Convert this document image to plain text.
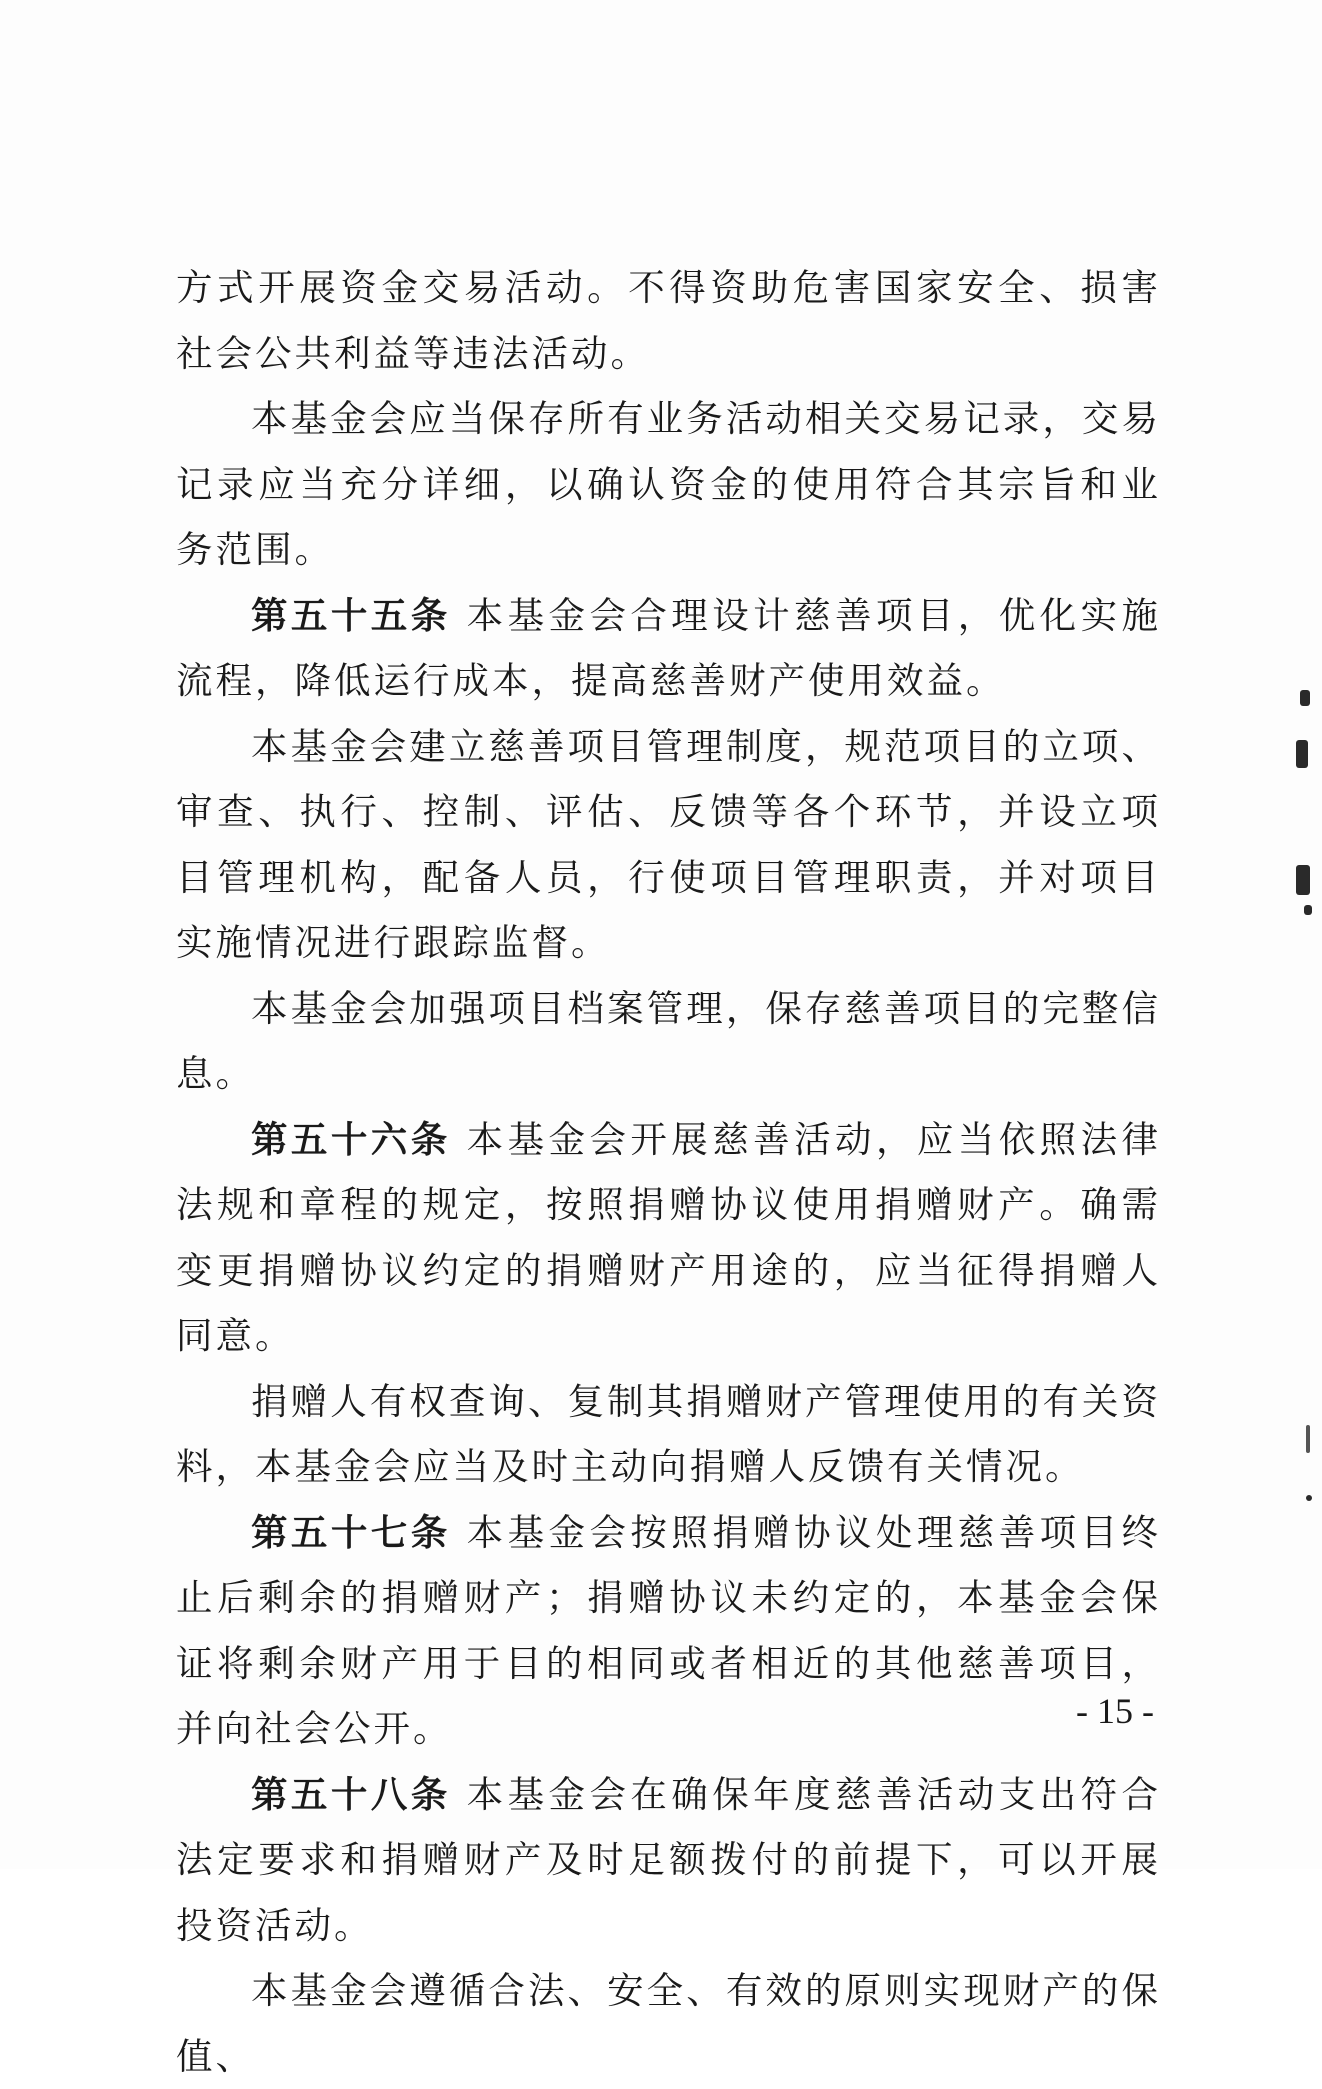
方式开展资金交易活动。不得资助危害国家安全、损害社会公共利益等违法活动。

本基金会应当保存所有业务活动相关交易记录，交易记录应当充分详细，以确认资金的使用符合其宗旨和业务范围。

第五十五条 本基金会合理设计慈善项目，优化实施流程，降低运行成本，提高慈善财产使用效益。

本基金会建立慈善项目管理制度，规范项目的立项、审查、执行、控制、评估、反馈等各个环节，并设立项目管理机构，配备人员，行使项目管理职责，并对项目实施情况进行跟踪监督。

本基金会加强项目档案管理，保存慈善项目的完整信息。

第五十六条 本基金会开展慈善活动，应当依照法律法规和章程的规定，按照捐赠协议使用捐赠财产。确需变更捐赠协议约定的捐赠财产用途的，应当征得捐赠人同意。

捐赠人有权查询、复制其捐赠财产管理使用的有关资料，本基金会应当及时主动向捐赠人反馈有关情况。

第五十七条 本基金会按照捐赠协议处理慈善项目终止后剩余的捐赠财产；捐赠协议未约定的，本基金会保证将剩余财产用于目的相同或者相近的其他慈善项目，并向社会公开。

第五十八条 本基金会在确保年度慈善活动支出符合法定要求和捐赠财产及时足额拨付的前提下，可以开展投资活动。

本基金会遵循合法、安全、有效的原则实现财产的保值、

- 15 -
